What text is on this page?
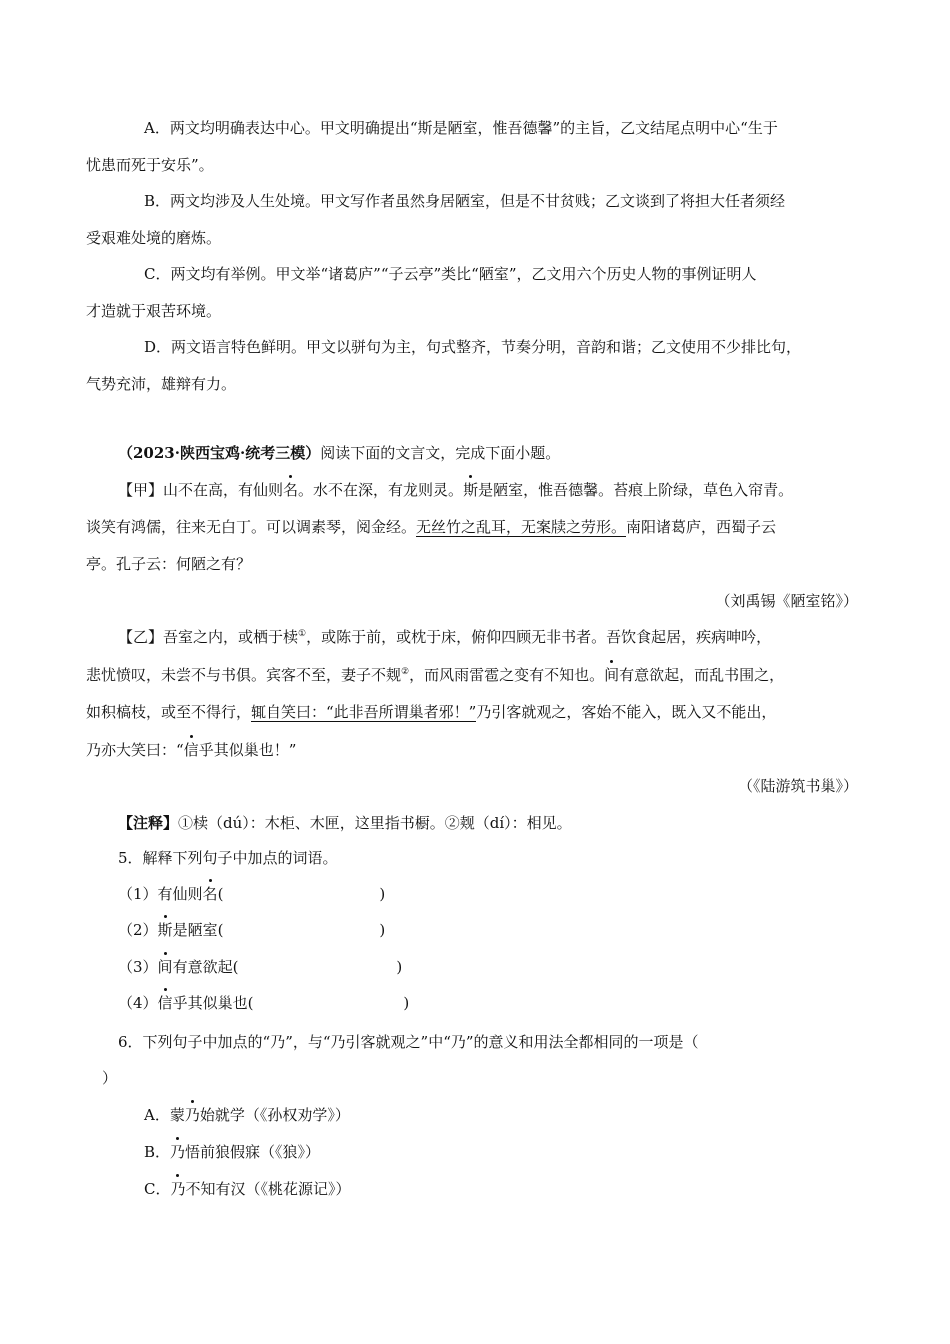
A．两文均明确表达中心。甲文明确提出“斯是陋室，惟吾德馨”的主旨，乙文结尾点明中心“生于
忧患而死于安乐”。
B．两文均涉及人生处境。甲文写作者虽然身居陋室，但是不甘贫贱；乙文谈到了将担大任者须经
受艰难处境的磨炼。
C．两文均有举例。甲文举“诸葛庐”“子云亭”类比“陋室”，乙文用六个历史人物的事例证明人
才造就于艰苦环境。
D．两文语言特色鲜明。甲文以骈句为主，句式整齐，节奏分明，音韵和谐；乙文使用不少排比句，
气势充沛，雄辩有力。
（2023·陕西宝鸡·统考三模）阅读下面的文言文，完成下面小题。
【甲】山不在高，有仙则名。水不在深，有龙则灵。斯是陋室，惟吾德馨。苔痕上阶绿，草色入帘青。
谈笑有鸿儒，往来无白丁。可以调素琴，阅金经。无丝竹之乱耳，无案牍之劳形。南阳诸葛庐，西蜀子云
亭。孔子云：何陋之有？
（刘禹锡《陋室铭》）
【乙】吾室之内，或栖于椟①，或陈于前，或枕于床，俯仰四顾无非书者。吾饮食起居，疾病呻吟，
悲忧愤叹，未尝不与书俱。宾客不至，妻子不觌②，而风雨雷雹之变有不知也。间有意欲起，而乱书围之，
如积槁枝，或至不得行，辄自笑曰：“此非吾所谓巢者邪！”乃引客就观之，客始不能入，既入又不能出，
乃亦大笑曰：“信乎其似巢也！”
（《陆游筑书巢》）
【注释】①椟（dú）：木柜、木匣，这里指书橱。②觌（dí）：相见。
5．解释下列句子中加点的词语。
（1）有仙则名(	)
（2）斯是陋室(	)
（3）间有意欲起(	)
（4）信乎其似巢也(	)
6．下列句子中加点的“乃”，与“乃引客就观之”中“乃”的意义和用法全都相同的一项是（
）
A．蒙乃始就学（《孙权劝学》）
B．乃悟前狼假寐（《狼》）
C．乃不知有汉（《桃花源记》）
